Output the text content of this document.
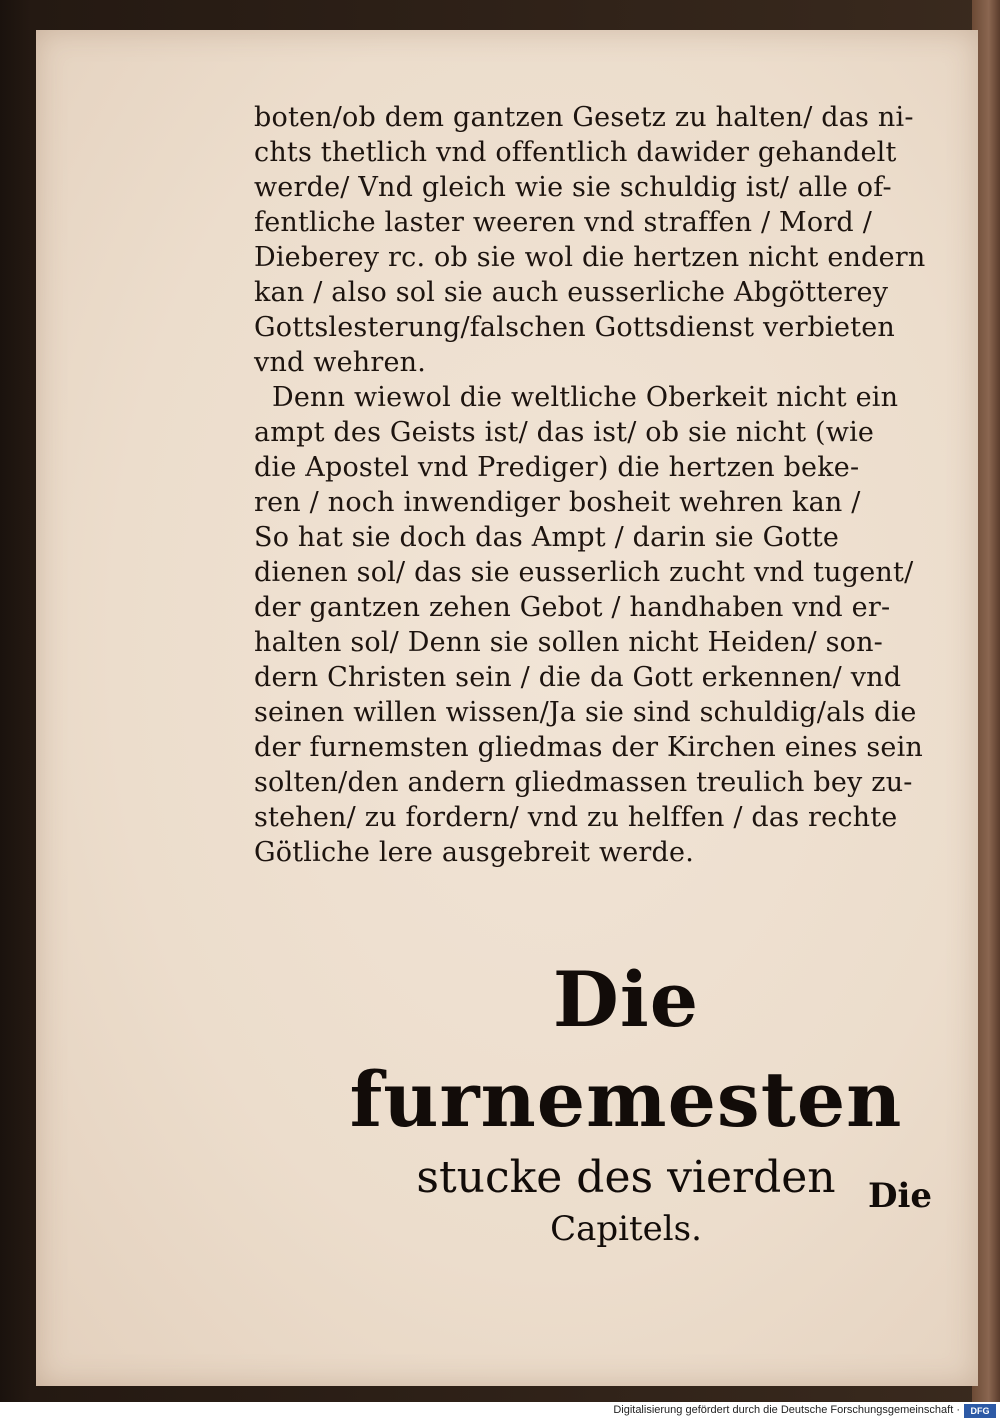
boten/ob dem gantzen Gesetz zu halten/ das ni-
chts thetlich vnd offentlich dawider gehandelt
werde/ Vnd gleich wie sie schuldig ist/ alle of-
fentliche laster weeren vnd straffen / Mord /
Dieberey rc. ob sie wol die hertzen nicht endern
kan / also sol sie auch eusserliche Abgötterey
Gottslesterung/falschen Gottsdienst verbieten
vnd wehren.
Denn wiewol die weltliche Oberkeit nicht ein
ampt des Geists ist/ das ist/ ob sie nicht (wie
die Apostel vnd Prediger) die hertzen beke-
ren / noch inwendiger bosheit wehren kan /
So hat sie doch das Ampt / darin sie Gotte
dienen sol/ das sie eusserlich zucht vnd tugent/
der gantzen zehen Gebot / handhaben vnd er-
halten sol/ Denn sie sollen nicht Heiden/ son-
dern Christen sein / die da Gott erkennen/ vnd
seinen willen wissen/Ja sie sind schuldig/als die
der furnemsten gliedmas der Kirchen eines sein
solten/den andern gliedmassen treulich bey zu-
stehen/ zu fordern/ vnd zu helffen / das rechte
Götliche lere ausgebreit werde.
Die furnemesten
stucke des vierden
Capitels.
Die
Digitalisierung gefördert durch die Deutsche Forschungsgemeinschaft ·	DFG
